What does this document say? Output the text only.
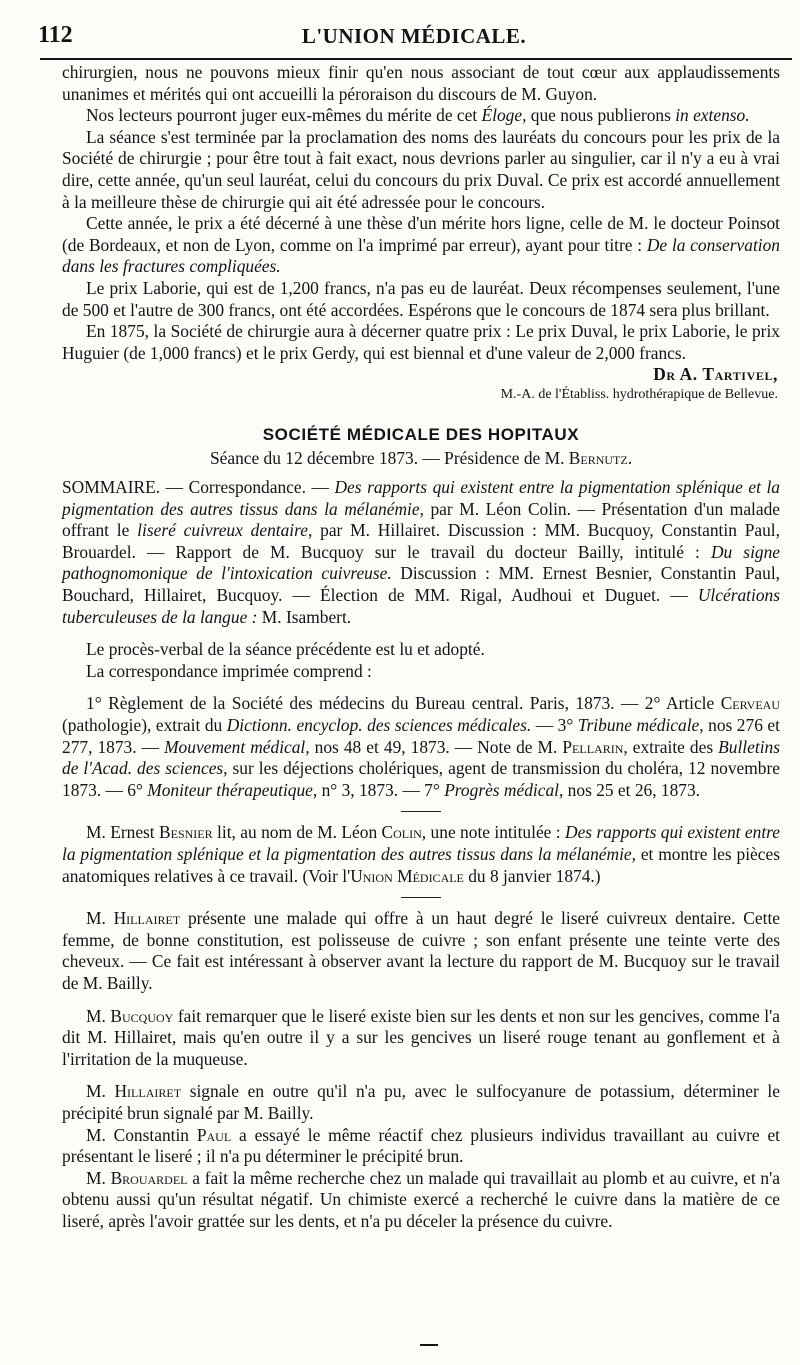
112	L'UNION MÉDICALE.

chirurgien, nous ne pouvons mieux finir qu'en nous associant de tout cœur aux applaudissements unanimes et mérités qui ont accueilli la péroraison du discours de M. Guyon.

Nos lecteurs pourront juger eux-mêmes du mérite de cet Éloge, que nous publierons in extenso.

La séance s'est terminée par la proclamation des noms des lauréats du concours pour les prix de la Société de chirurgie ; pour être tout à fait exact, nous devrions parler au singulier, car il n'y a eu à vrai dire, cette année, qu'un seul lauréat, celui du concours du prix Duval. Ce prix est accordé annuellement à la meilleure thèse de chirurgie qui ait été adressée pour le concours.

Cette année, le prix a été décerné à une thèse d'un mérite hors ligne, celle de M. le docteur Poinsot (de Bordeaux, et non de Lyon, comme on l'a imprimé par erreur), ayant pour titre : De la conservation dans les fractures compliquées.

Le prix Laborie, qui est de 1,200 francs, n'a pas eu de lauréat. Deux récompenses seulement, l'une de 500 et l'autre de 300 francs, ont été accordées. Espérons que le concours de 1874 sera plus brillant.

En 1875, la Société de chirurgie aura à décerner quatre prix : Le prix Duval, le prix Laborie, le prix Huguier (de 1,000 francs) et le prix Gerdy, qui est biennal et d'une valeur de 2,000 francs.

Dr A. Tartivel,
M.-A. de l'Établiss. hydrothérapique de Bellevue.
SOCIÉTÉ MÉDICALE DES HOPITAUX
Séance du 12 décembre 1873. — Présidence de M. Bernutz.

SOMMAIRE. — Correspondance. — Des rapports qui existent entre la pigmentation splénique et la pigmentation des autres tissus dans la mélanémie, par M. Léon Colin. — Présentation d'un malade offrant le liseré cuivreux dentaire, par M. Hillairet. Discussion : MM. Bucquoy, Constantin Paul, Brouardel. — Rapport de M. Bucquoy sur le travail du docteur Bailly, intitulé : Du signe pathognomonique de l'intoxication cuivreuse. Discussion : MM. Ernest Besnier, Constantin Paul, Bouchard, Hillairet, Bucquoy. — Élection de MM. Rigal, Audhoui et Duguet. — Ulcérations tuberculeuses de la langue : M. Isambert.

Le procès-verbal de la séance précédente est lu et adopté.

La correspondance imprimée comprend :

1° Règlement de la Société des médecins du Bureau central. Paris, 1873. — 2° Article Cerveau (pathologie), extrait du Dictionn. encyclop. des sciences médicales. — 3° Tribune médicale, nos 276 et 277, 1873. — Mouvement médical, nos 48 et 49, 1873. — Note de M. Pellarin, extraite des Bulletins de l'Acad. des sciences, sur les déjections cholériques, agent de transmission du choléra, 12 novembre 1873. — 6° Moniteur thérapeutique, n° 3, 1873. — 7° Progrès médical, nos 25 et 26, 1873.

M. Ernest Besnier lit, au nom de M. Léon Colin, une note intitulée : Des rapports qui existent entre la pigmentation splénique et la pigmentation des autres tissus dans la mélanémie, et montre les pièces anatomiques relatives à ce travail. (Voir l'Union Médicale du 8 janvier 1874.)

M. Hillairet présente une malade qui offre à un haut degré le liseré cuivreux dentaire. Cette femme, de bonne constitution, est polisseuse de cuivre ; son enfant présente une teinte verte des cheveux. — Ce fait est intéressant à observer avant la lecture du rapport de M. Bucquoy sur le travail de M. Bailly.

M. Bucquoy fait remarquer que le liseré existe bien sur les dents et non sur les gencives, comme l'a dit M. Hillairet, mais qu'en outre il y a sur les gencives un liseré rouge tenant au gonflement et à l'irritation de la muqueuse.

M. Hillairet signale en outre qu'il n'a pu, avec le sulfocyanure de potassium, déterminer le précipité brun signalé par M. Bailly.

M. Constantin Paul a essayé le même réactif chez plusieurs individus travaillant au cuivre et présentant le liseré ; il n'a pu déterminer le précipité brun.

M. Brouardel a fait la même recherche chez un malade qui travaillait au plomb et au cuivre, et n'a obtenu aussi qu'un résultat négatif. Un chimiste exercé a recherché le cuivre dans la matière de ce liseré, après l'avoir grattée sur les dents, et n'a pu déceler la présence du cuivre.
